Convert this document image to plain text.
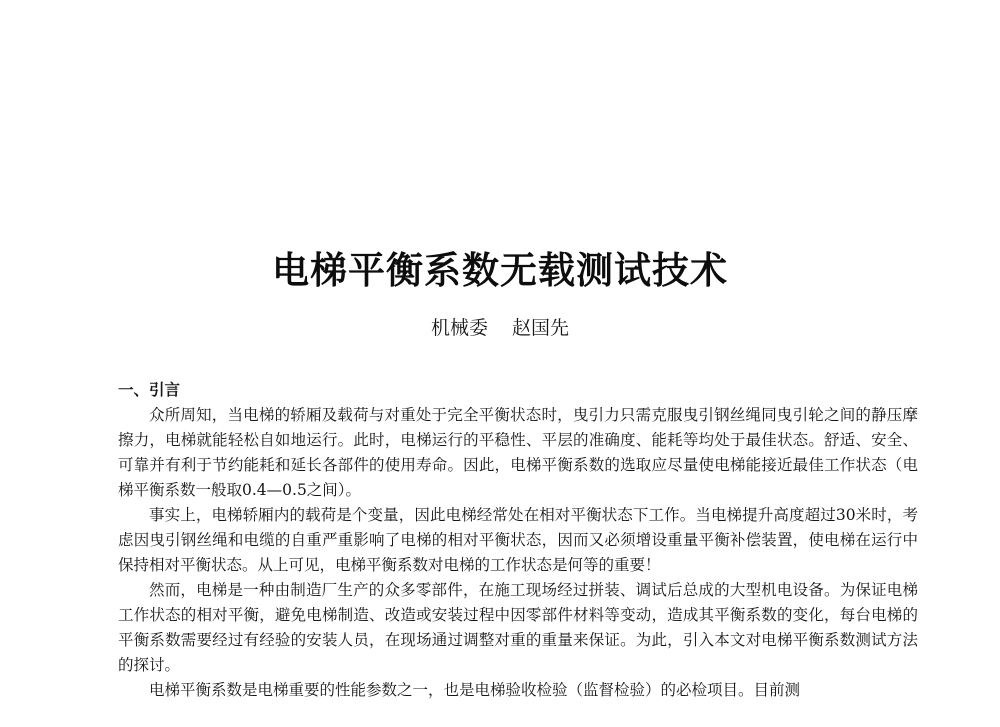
电梯平衡系数无载测试技术
机械委 赵国先

一、引言

众所周知，当电梯的轿厢及载荷与对重处于完全平衡状态时，曳引力只需克服曳引钢丝绳同曳引轮之间的静压摩擦力，电梯就能轻松自如地运行。此时，电梯运行的平稳性、平层的准确度、能耗等均处于最佳状态。舒适、安全、可靠并有利于节约能耗和延长各部件的使用寿命。因此，电梯平衡系数的选取应尽量使电梯能接近最佳工作状态（电梯平衡系数一般取0.4—0.5之间）。

事实上，电梯轿厢内的载荷是个变量，因此电梯经常处在相对平衡状态下工作。当电梯提升高度超过30米时，考虑因曳引钢丝绳和电缆的自重严重影响了电梯的相对平衡状态，因而又必须增设重量平衡补偿装置，使电梯在运行中保持相对平衡状态。从上可见，电梯平衡系数对电梯的工作状态是何等的重要！

然而，电梯是一种由制造厂生产的众多零部件，在施工现场经过拼装、调试后总成的大型机电设备。为保证电梯工作状态的相对平衡，避免电梯制造、改造或安装过程中因零部件材料等变动，造成其平衡系数的变化，每台电梯的平衡系数需要经过有经验的安装人员，在现场通过调整对重的重量来保证。为此，引入本文对电梯平衡系数测试方法的探讨。

电梯平衡系数是电梯重要的性能参数之一，也是电梯验收检验（监督检验）的必检项目。目前测
